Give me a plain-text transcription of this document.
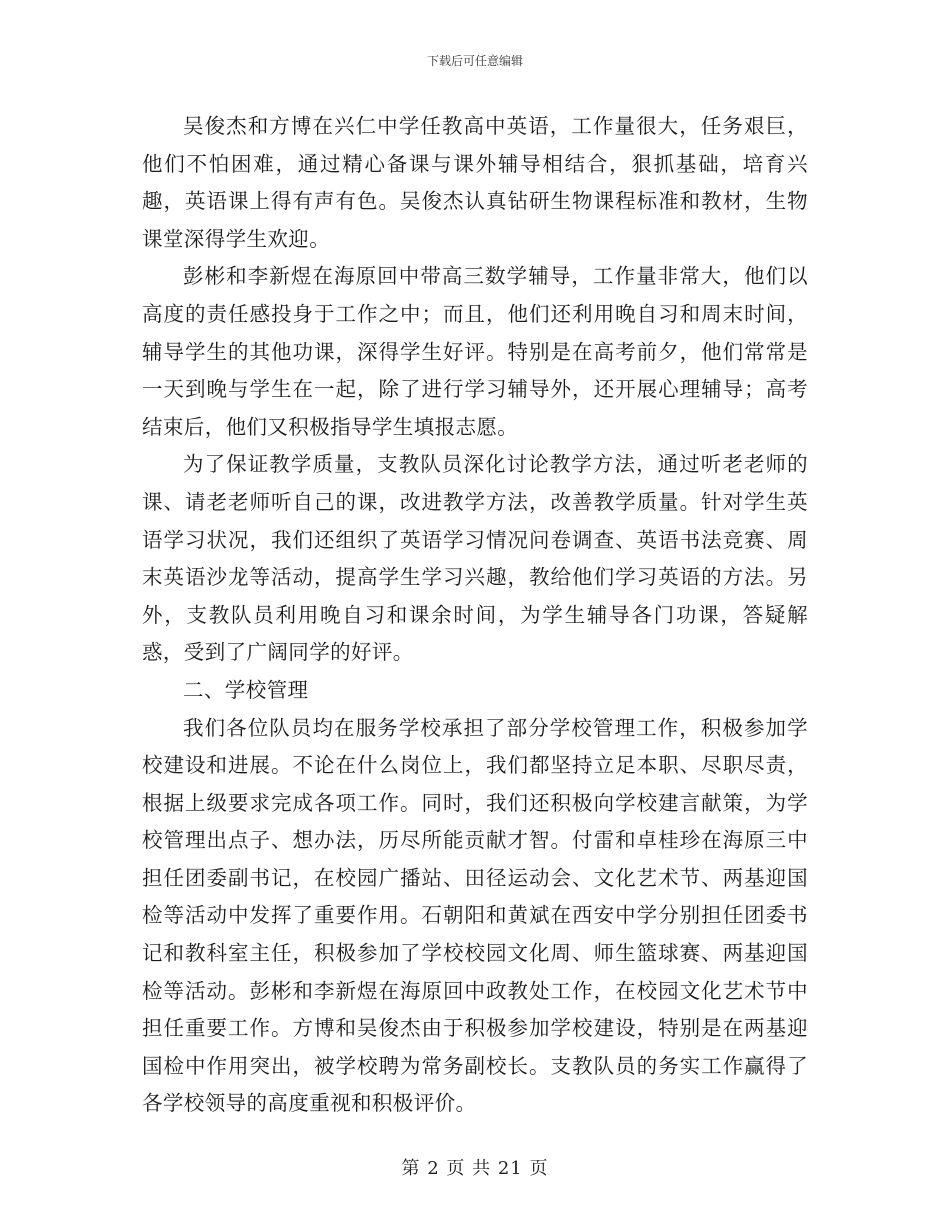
下载后可任意编辑

吴俊杰和方博在兴仁中学任教高中英语，工作量很大，任务艰巨，他们不怕困难，通过精心备课与课外辅导相结合，狠抓基础，培育兴趣，英语课上得有声有色。吴俊杰认真钻研生物课程标准和教材，生物课堂深得学生欢迎。

彭彬和李新煜在海原回中带高三数学辅导，工作量非常大，他们以高度的责任感投身于工作之中；而且，他们还利用晚自习和周末时间，辅导学生的其他功课，深得学生好评。特别是在高考前夕，他们常常是一天到晚与学生在一起，除了进行学习辅导外，还开展心理辅导；高考结束后，他们又积极指导学生填报志愿。

为了保证教学质量，支教队员深化讨论教学方法，通过听老老师的课、请老老师听自己的课，改进教学方法，改善教学质量。针对学生英语学习状况，我们还组织了英语学习情况问卷调查、英语书法竞赛、周末英语沙龙等活动，提高学生学习兴趣，教给他们学习英语的方法。另外，支教队员利用晚自习和课余时间，为学生辅导各门功课，答疑解惑，受到了广阔同学的好评。

二、学校管理

我们各位队员均在服务学校承担了部分学校管理工作，积极参加学校建设和进展。不论在什么岗位上，我们都坚持立足本职、尽职尽责，根据上级要求完成各项工作。同时，我们还积极向学校建言献策，为学校管理出点子、想办法，历尽所能贡献才智。付雷和卓桂珍在海原三中担任团委副书记，在校园广播站、田径运动会、文化艺术节、两基迎国检等活动中发挥了重要作用。石朝阳和黄斌在西安中学分别担任团委书记和教科室主任，积极参加了学校校园文化周、师生篮球赛、两基迎国检等活动。彭彬和李新煜在海原回中政教处工作，在校园文化艺术节中担任重要工作。方博和吴俊杰由于积极参加学校建设，特别是在两基迎国检中作用突出，被学校聘为常务副校长。支教队员的务实工作赢得了各学校领导的高度重视和积极评价。

第 2 页 共 21 页
